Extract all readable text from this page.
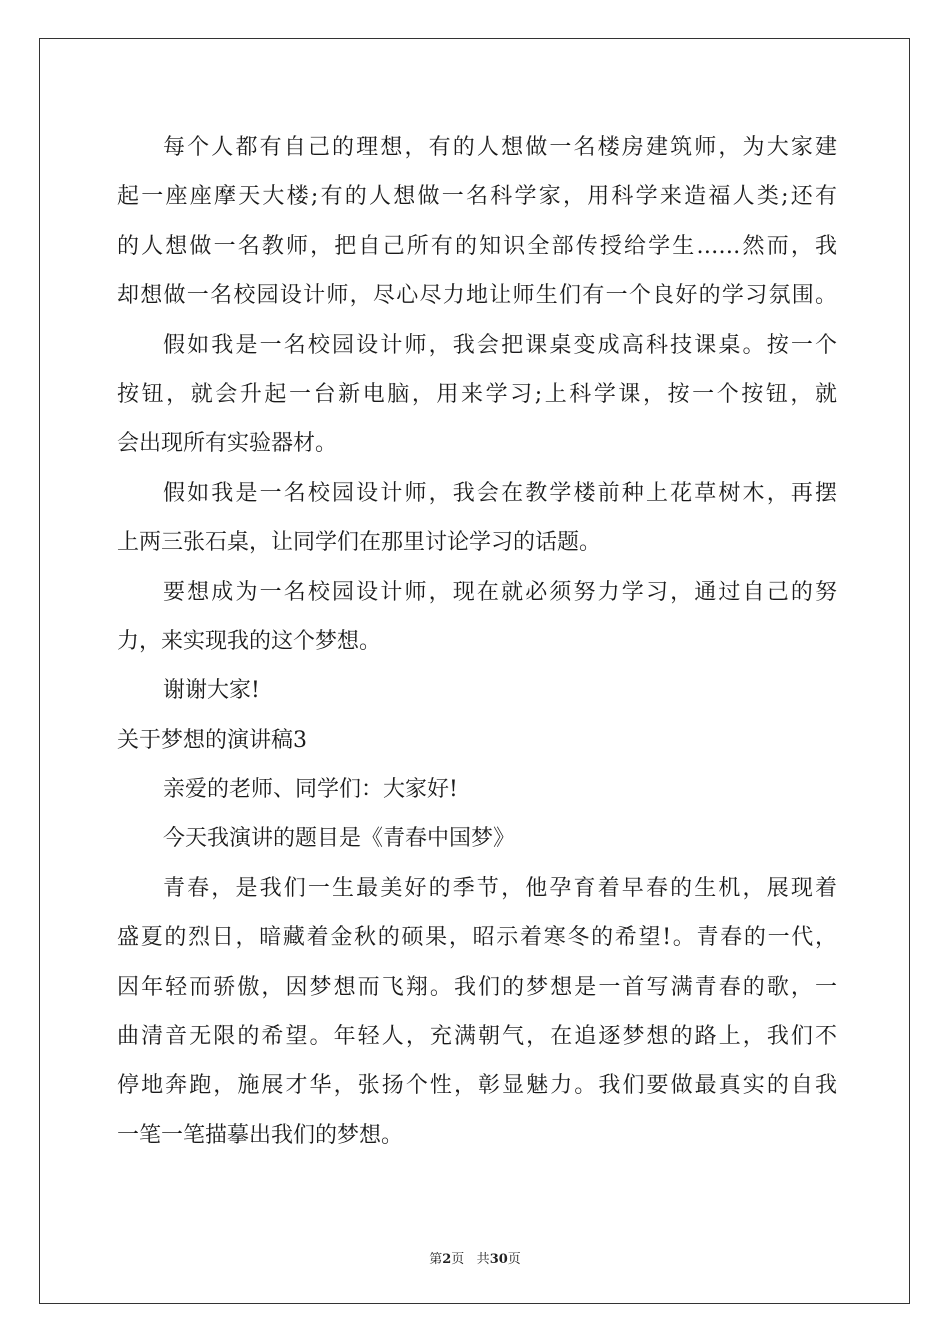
每个人都有自己的理想，有的人想做一名楼房建筑师，为大家建
起一座座摩天大楼;有的人想做一名科学家，用科学来造福人类;还有
的人想做一名教师，把自己所有的知识全部传授给学生……然而，我
却想做一名校园设计师，尽心尽力地让师生们有一个良好的学习氛围。
假如我是一名校园设计师，我会把课桌变成高科技课桌。按一个
按钮，就会升起一台新电脑，用来学习;上科学课，按一个按钮，就
会出现所有实验器材。
假如我是一名校园设计师，我会在教学楼前种上花草树木，再摆
上两三张石桌，让同学们在那里讨论学习的话题。
要想成为一名校园设计师，现在就必须努力学习，通过自己的努
力，来实现我的这个梦想。
谢谢大家!
关于梦想的演讲稿3
亲爱的老师、同学们：大家好!
今天我演讲的题目是《青春中国梦》
青春，是我们一生最美好的季节，他孕育着早春的生机，展现着
盛夏的烈日，暗藏着金秋的硕果，昭示着寒冬的希望!。青春的一代，
因年轻而骄傲，因梦想而飞翔。我们的梦想是一首写满青春的歌，一
曲清音无限的希望。年轻人，充满朝气，在追逐梦想的路上，我们不
停地奔跑，施展才华，张扬个性，彰显魅力。我们要做最真实的自我
一笔一笔描摹出我们的梦想。
第2页 共30页
